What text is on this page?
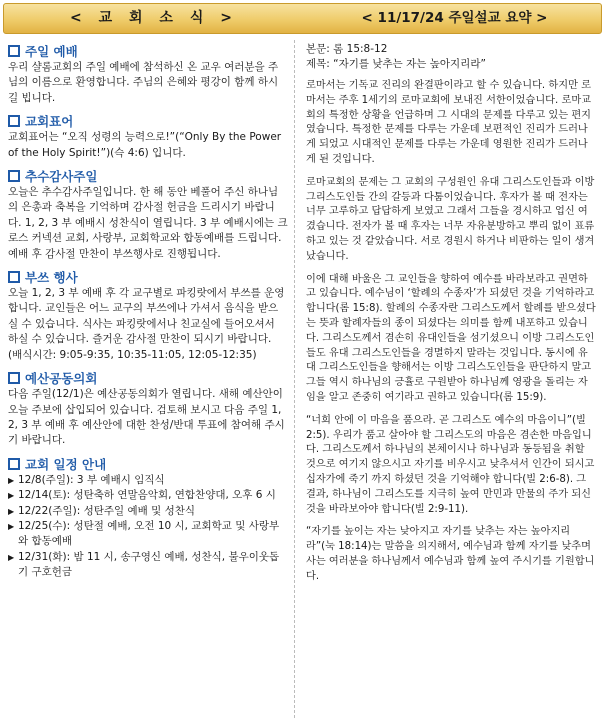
< 교 회 소 식 >	< 11/17/24 주일설교 요약 >
주일 예배

우리 샬롬교회의 주일 예배에 참석하신 온 교우 여러분을 주님의 이름으로 환영합니다. 주님의 은혜와 평강이 함께 하시길 빕니다.

교회표어

교회표어는 “오직 성령의 능력으로!”(“Only By the Power of the Holy Spirit!”)(슥 4:6) 입니다.

추수감사주일

오늘은 추수감사주일입니다. 한 해 동안 베풀어 주신 하나님의 은총과 축복을 기억하며 감사절 헌금을 드리시기 바랍니다. 1, 2, 3 부 예배시 성찬식이 열립니다. 3 부 예배시에는 크로스 커넥션 교회, 사랑부, 교회학교와 합동예배를 드립니다. 예배 후 감사절 만찬이 부쓰행사로 진행됩니다.

부쓰 행사

오늘 1, 2, 3 부 예배 후 각 교구별로 파킹랏에서 부쓰를 운영합니다. 교인들은 어느 교구의 부쓰에나 가셔서 음식을 받으실 수 있습니다. 식사는 파킹랏에서나 친교실에 들어오셔서 하실 수 있습니다. 즐거운 감사절 만찬이 되시기 바랍니다. (배식시간: 9:05-9:35, 10:35-11:05, 12:05-12:35)

예산공동의회

다음 주일(12/1)은 예산공동의회가 열립니다. 새해 예산안이 오늘 주보에 삽입되어 있습니다. 검토해 보시고 다음 주일 1, 2, 3 부 예배 후 예산안에 대한 찬성/반대 투표에 참여해 주시기 바랍니다.

교회 일정 안내
▶ 12/8(주일): 3 부 예배시 임직식
▶ 12/14(토): 성탄축하 연말음악회, 연합찬양대, 오후 6 시
▶ 12/22(주일): 성탄주일 예배 및 성찬식
▶ 12/25(수): 성탄절 예배, 오전 10 시, 교회학교 및 사랑부와 합동예배
▶ 12/31(화): 밤 11 시, 송구영신 예배, 성찬식, 불우이웃돕기 구호헌금

본문: 롬 15:8-12

제목: “자기를 낮추는 자는 높아지리라”

로마서는 기독교 진리의 완결판이라고 할 수 있습니다. 하지만 로마서는 주후 1세기의 로마교회에 보내진 서한이었습니다. 로마교회의 특정한 상황을 언급하며 그 시대의 문제를 다루고 있는 편지였습니다. 특정한 문제를 다루는 가운데 보편적인 진리가 드러나게 되었고 시대적인 문제를 다루는 가운데 영원한 진리가 드러나게 된 것입니다.

로마교회의 문제는 그 교회의 구성원인 유대 그리스도인들과 이방 그리스도인들 간의 갈등과 다툼이었습니다. 후자가 볼 때 전자는 너무 고루하고 답답하게 보였고 그래서 그들을 경시하고 업신 여겼습니다. 전자가 볼 때 후자는 너무 자유분방하고 뿌리 없이 표류하고 있는 것 같았습니다. 서로 경원시 하거나 비판하는 일이 생겨났습니다.

이에 대해 바울은 그 교인들을 향하여 예수를 바라보라고 권면하고 있습니다. 예수님이 ‘할례의 수종자’가 되셨던 것을 기억하라고 합니다(롬 15:8). 할례의 수종자란 그리스도께서 할례를 받으셨다는 뜻과 할례자들의 종이 되셨다는 의미를 함께 내포하고 있습니다. 그리스도께서 겸손히 유대인들을 섬기셨으니 이방 그리스도인들도 유대 그리스도인들을 경멸하지 말라는 것입니다. 동시에 유대 그리스도인들을 향해서는 이방 그리스도인들을 판단하지 말고 그들 역시 하나님의 긍휼로 구원받아 하나님께 영광을 돌리는 자임을 알고 존중히 여기라고 권하고 있습니다(롬 15:9).

“너희 안에 이 마음을 품으라. 곧 그리스도 예수의 마음이니”(빌 2:5). 우리가 품고 살아야 할 그리스도의 마음은 겸손한 마음입니다. 그리스도께서 하나님의 본체이시나 하나님과 동등됨을 취할 것으로 여기지 않으시고 자기를 비우시고 낮추셔서 인간이 되시고 십자가에 죽기 까지 하셨던 것을 기억해야 합니다(빌 2:6-8). 그 결과, 하나님이 그리스도를 지극히 높여 만민과 만물의 주가 되신 것을 바라보아야 합니다(빌 2:9-11).

“자기를 높이는 자는 낮아지고 자기를 낮추는 자는 높아지리라”(눅 18:14)는 말씀을 의지해서, 예수님과 함께 자기를 낮추며 사는 여러분을 하나님께서 예수님과 함께 높여 주시기를 기원합니다.
